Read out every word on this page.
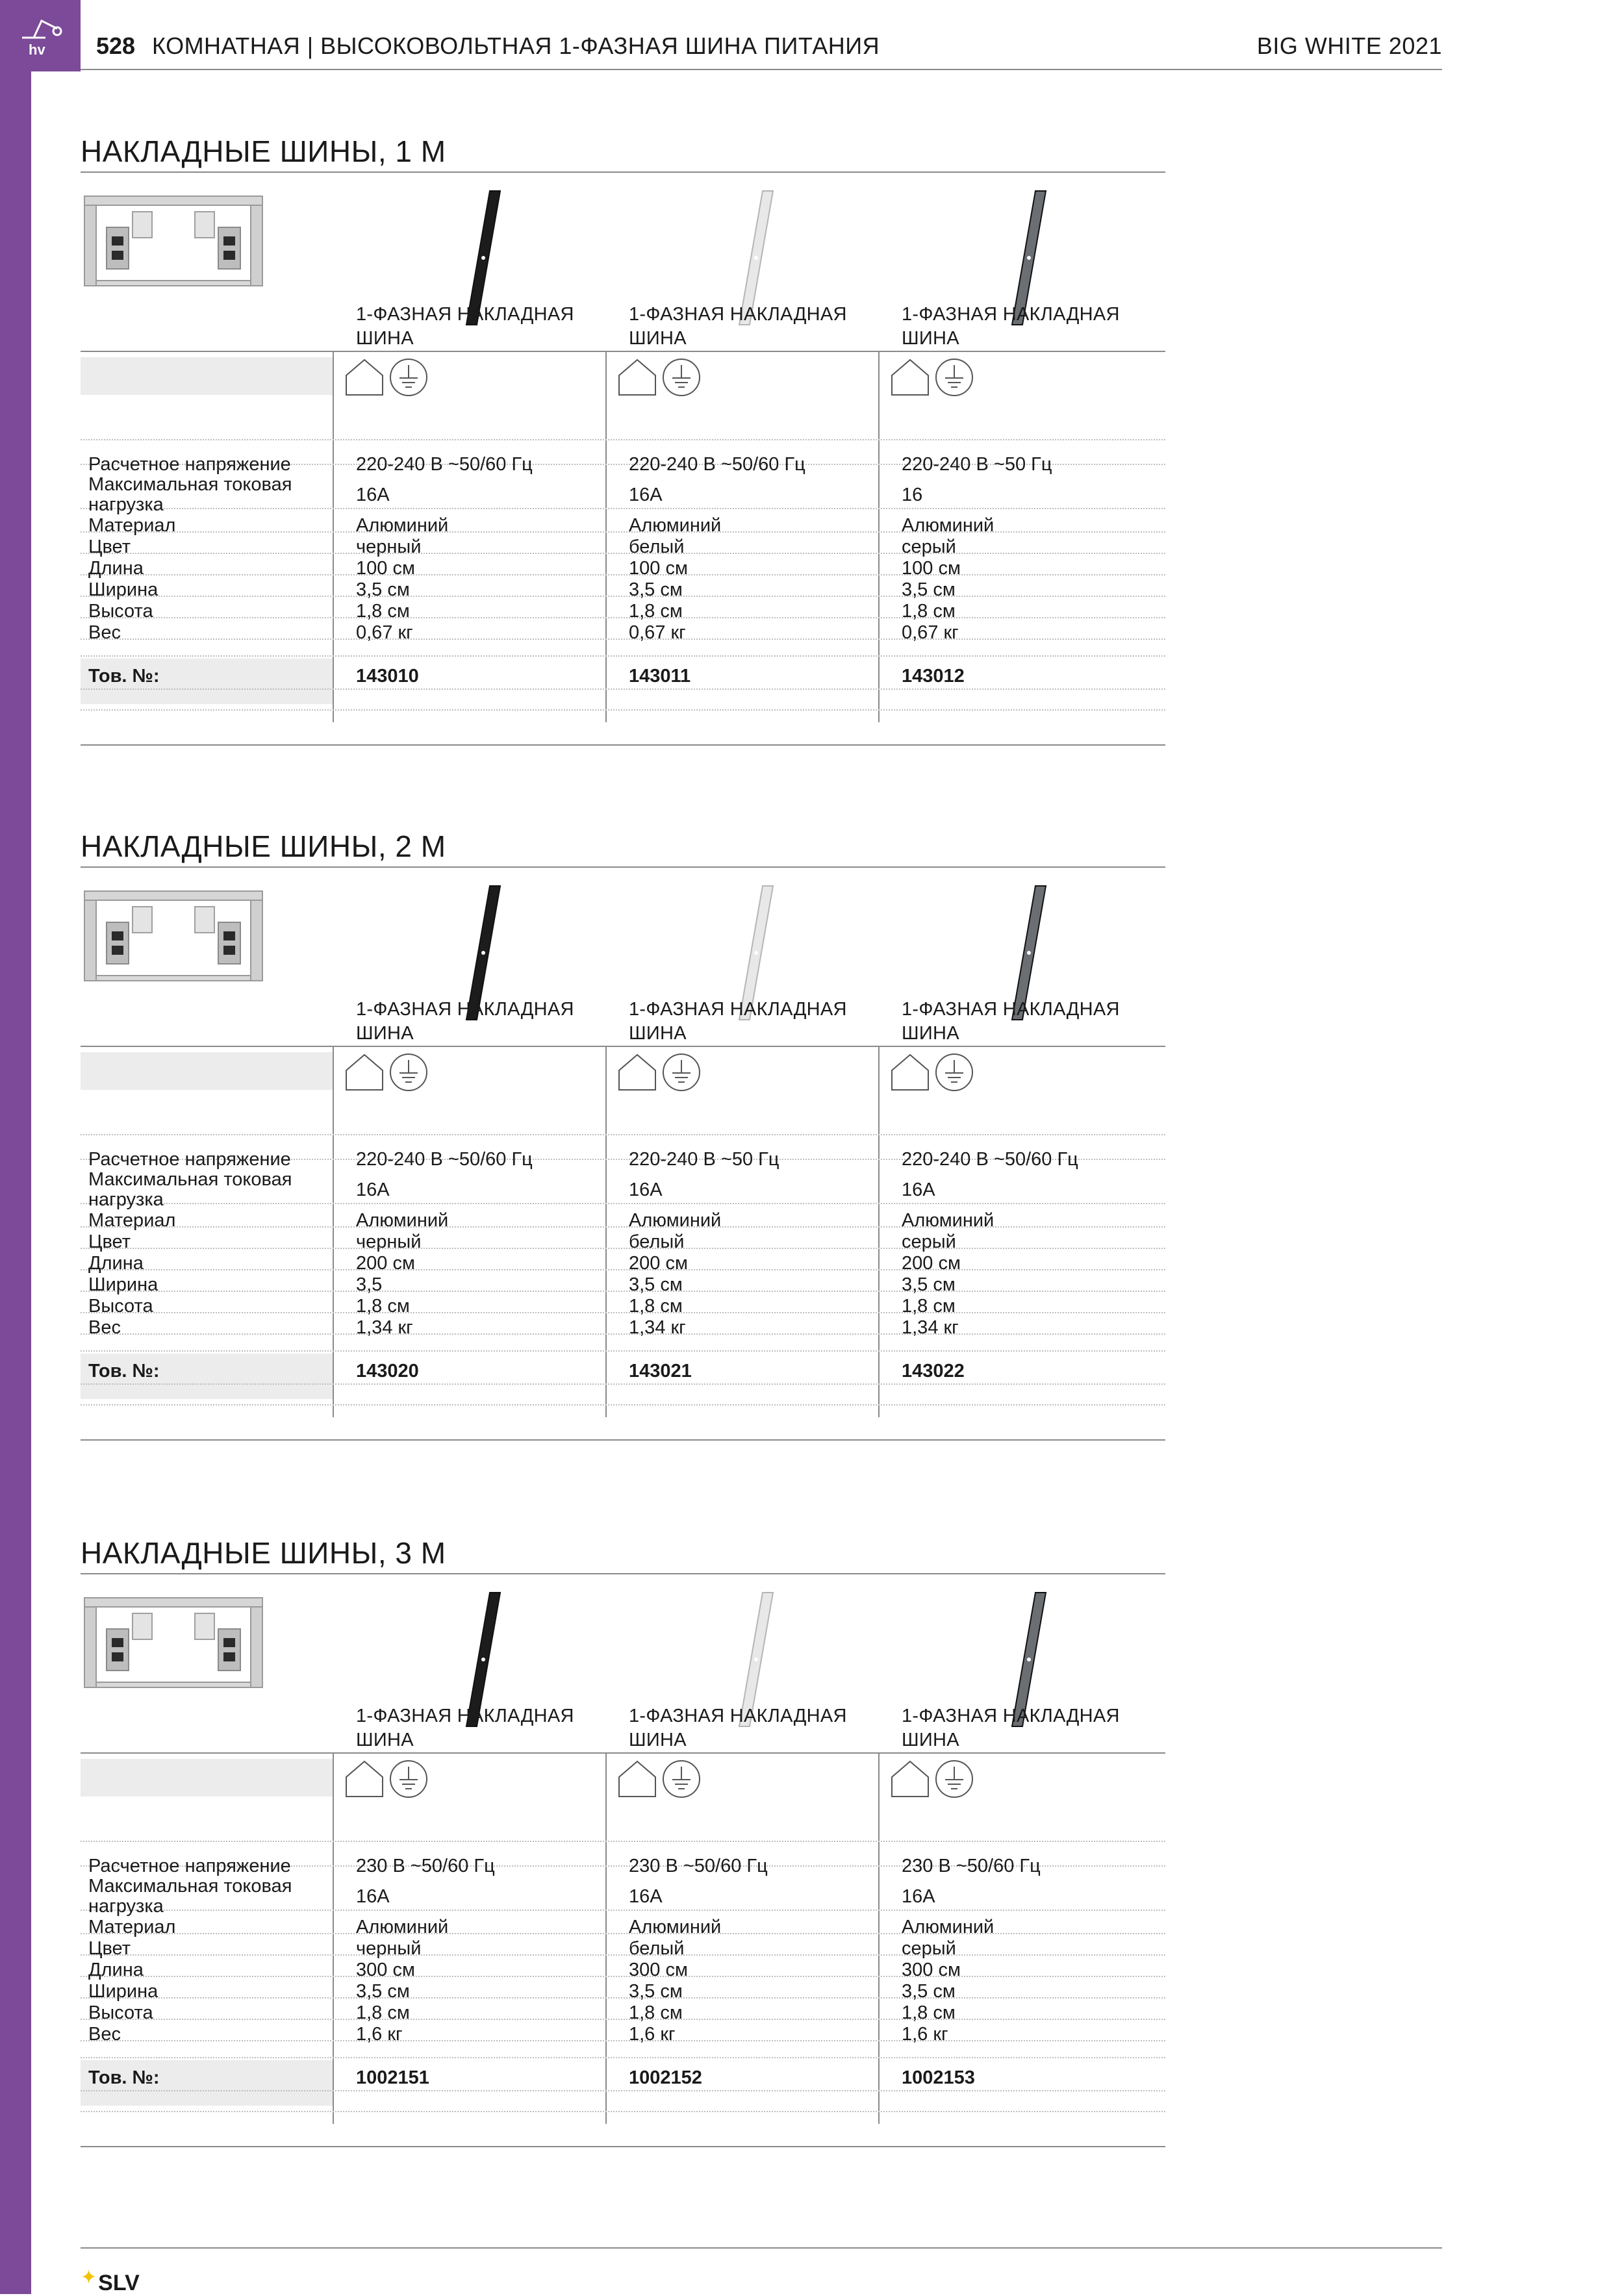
hv 528 КОМНАТНАЯ | ВЫСОКОВОЛЬТНАЯ 1-ФАЗНАЯ ШИНА ПИТАНИЯ	BIG WHITE 2021
НАКЛАДНЫЕ ШИНЫ, 1 М
Расчетное напряжение
Максимальная токовая
нагрузка
Материал
Цвет
Длина
Ширина
Высота
Вес
Тов. №:
1-ФАЗНАЯ НАКЛАДНАЯ
ШИНА
220-240 В ~50/60 Гц
16A
Алюминий
черный
100 см
3,5 см
1,8 см
0,67 кг
143010
1-ФАЗНАЯ НАКЛАДНАЯ
ШИНА
220-240 В ~50/60 Гц
16A
Алюминий
белый
100 см
3,5 см
1,8 см
0,67 кг
143011
1-ФАЗНАЯ НАКЛАДНАЯ
ШИНА
220-240 В ~50 Гц
16
Алюминий
серый
100 см
3,5 см
1,8 см
0,67 кг
143012
НАКЛАДНЫЕ ШИНЫ, 2 М
Расчетное напряжение
Максимальная токовая
нагрузка
Материал
Цвет
Длина
Ширина
Высота
Вес
Тов. №:
1-ФАЗНАЯ НАКЛАДНАЯ
ШИНА
220-240 В ~50/60 Гц
16A
Алюминий
черный
200 см
3,5
1,8 см
1,34 кг
143020
1-ФАЗНАЯ НАКЛАДНАЯ
ШИНА
220-240 В ~50 Гц
16A
Алюминий
белый
200 см
3,5 см
1,8 см
1,34 кг
143021
1-ФАЗНАЯ НАКЛАДНАЯ
ШИНА
220-240 В ~50/60 Гц
16A
Алюминий
серый
200 см
3,5 см
1,8 см
1,34 кг
143022
НАКЛАДНЫЕ ШИНЫ, 3 М
Расчетное напряжение
Максимальная токовая
нагрузка
Материал
Цвет
Длина
Ширина
Высота
Вес
Тов. №:
1-ФАЗНАЯ НАКЛАДНАЯ
ШИНА
230 В ~50/60 Гц
16A
Алюминий
черный
300 см
3,5 см
1,8 см
1,6 кг
1002151
1-ФАЗНАЯ НАКЛАДНАЯ
ШИНА
230 В ~50/60 Гц
16A
Алюминий
белый
300 см
3,5 см
1,8 см
1,6 кг
1002152
1-ФАЗНАЯ НАКЛАДНАЯ
ШИНА
230 В ~50/60 Гц
16A
Алюминий
серый
300 см
3,5 см
1,8 см
1,6 кг
1002153
✦SLV
